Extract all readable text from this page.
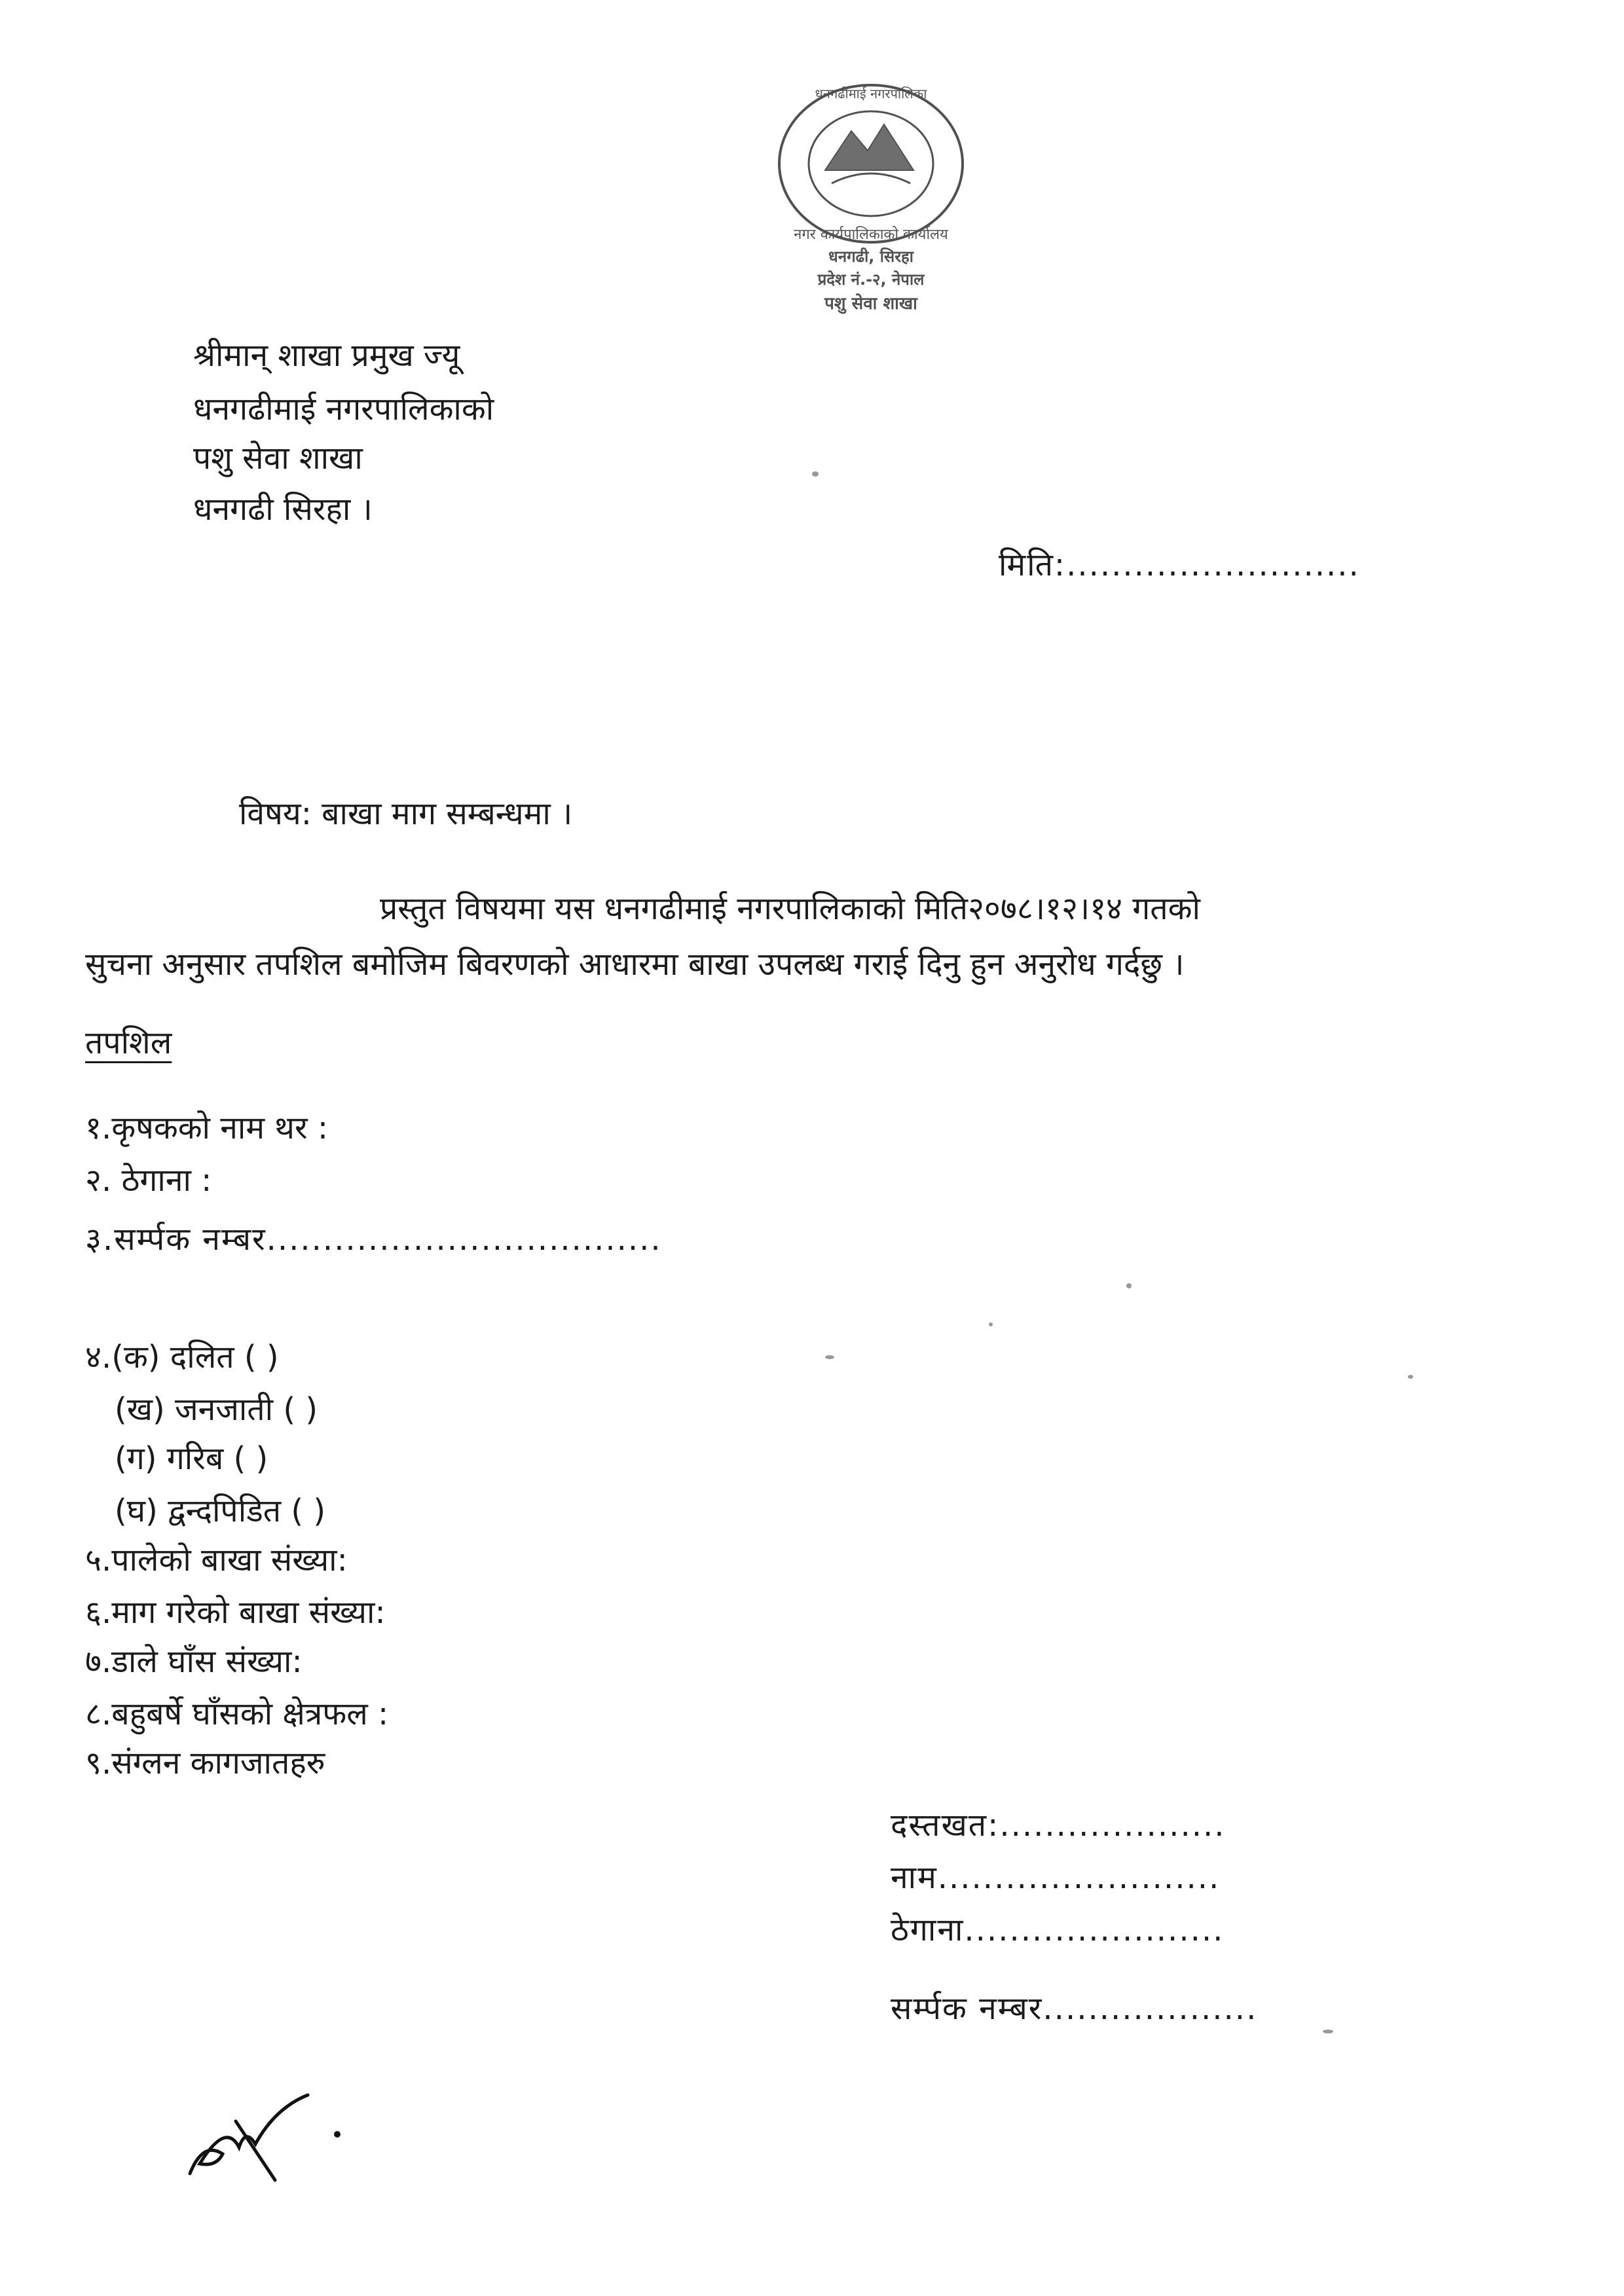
धनगढीमाई नगरपालिका
नगर कार्यपालिकाको कार्यालय
धनगढी, सिरहा
प्रदेश नं.-२, नेपाल
पशु सेवा शाखा
श्रीमान् शाखा प्रमुख ज्यू
धनगढीमाई नगरपालिकाको
पशु सेवा शाखा
धनगढी सिरहा ।
मिति:..........................
विषय: बाखा माग सम्बन्धमा ।
प्रस्तुत विषयमा यस धनगढीमाई नगरपालिकाको मिति२०७८।१२।१४ गतको
सुचना अनुसार तपशिल बमोजिम बिवरणको आधारमा बाखा उपलब्ध गराई दिनु हुन अनुरोध गर्दछु ।
तपशिल
१.कृषकको नाम थर :
२. ठेगाना :
३.सर्म्पक नम्बर...................................
४.(क) दलित ( )
(ख) जनजाती ( )
(ग) गरिब ( )
(घ) द्वन्दपिडित ( )
५.पालेको बाखा संख्या:
६.माग गरेको बाखा संख्या:
७.डाले घाँस संख्या:
८.बहुबर्षे घाँसको क्षेत्रफल :
९.संग्लन कागजातहरु
दस्तखत:....................
नाम.........................
ठेगाना.......................
सर्म्पक नम्बर...................
